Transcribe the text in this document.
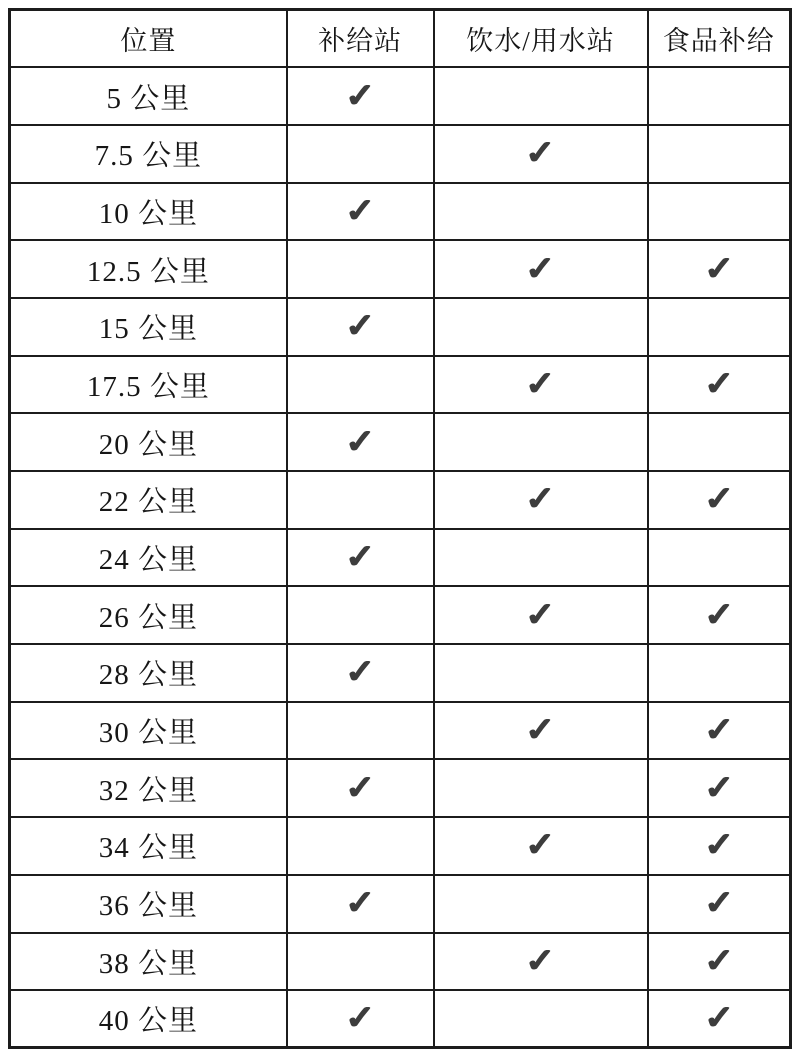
位置	补给站	饮水/用水站	食品补给
5 公里	✓		
7.5 公里		✓	
10 公里	✓		
12.5 公里		✓	✓
15 公里	✓		
17.5 公里		✓	✓
20 公里	✓		
22 公里		✓	✓
24 公里	✓		
26 公里		✓	✓
28 公里	✓		
30 公里		✓	✓
32 公里	✓		✓
34 公里		✓	✓
36 公里	✓		✓
38 公里		✓	✓
40 公里	✓		✓
